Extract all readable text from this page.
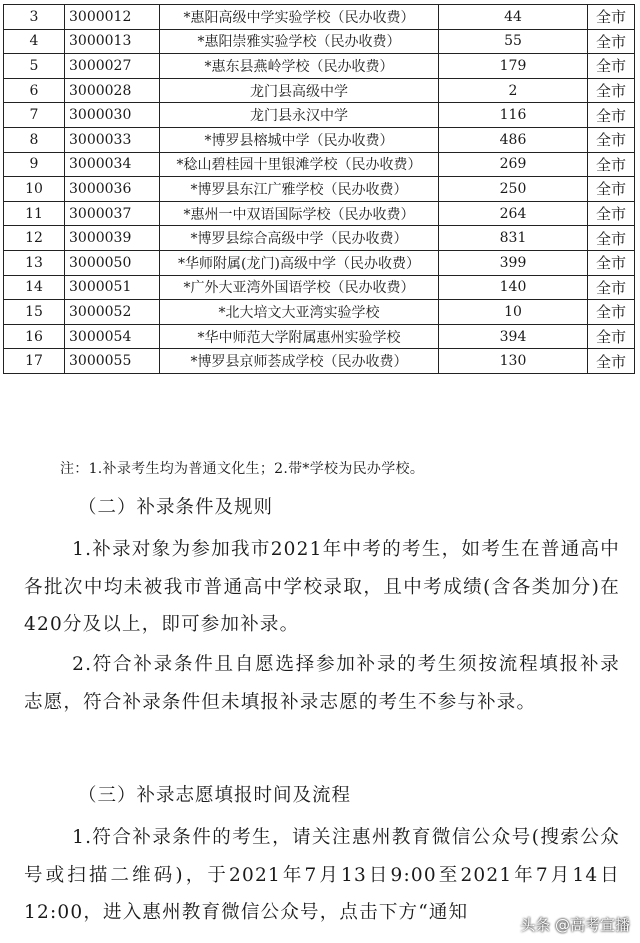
3	3000012	*惠阳高级中学实验学校（民办收费）	44	全市
4	3000013	*惠阳崇雅实验学校（民办收费）	55	全市
5	3000027	*惠东县燕岭学校（民办收费）	179	全市
6	3000028	龙门县高级中学	2	全市
7	3000030	龙门县永汉中学	116	全市
8	3000033	*博罗县榕城中学（民办收费）	486	全市
9	3000034	*稔山碧桂园十里银滩学校（民办收费）	269	全市
10	3000036	*博罗县东江广雅学校（民办收费）	250	全市
11	3000037	*惠州一中双语国际学校（民办收费）	264	全市
12	3000039	*博罗县综合高级中学（民办收费）	831	全市
13	3000050	*华师附属(龙门)高级中学（民办收费）	399	全市
14	3000051	*广外大亚湾外国语学校（民办收费）	140	全市
15	3000052	*北大培文大亚湾实验学校	10	全市
16	3000054	*华中师范大学附属惠州实验学校	394	全市
17	3000055	*博罗县京师荟成学校（民办收费）	130	全市
注：1.补录考生均为普通文化生；2.带*学校为民办学校。
（二）补录条件及规则
1.补录对象为参加我市2021年中考的考生，如考生在普通高中各批次中均未被我市普通高中学校录取，且中考成绩(含各类加分)在420分及以上，即可参加补录。
2.符合补录条件且自愿选择参加补录的考生须按流程填报补录志愿，符合补录条件但未填报补录志愿的考生不参与补录。
（三）补录志愿填报时间及流程
1.符合补录条件的考生，请关注惠州教育微信公众号(搜索公众号或扫描二维码)，于2021年7月13日9:00至2021年7月14日12:00，进入惠州教育微信公众号，点击下方“通知
头条 @高考宣播
